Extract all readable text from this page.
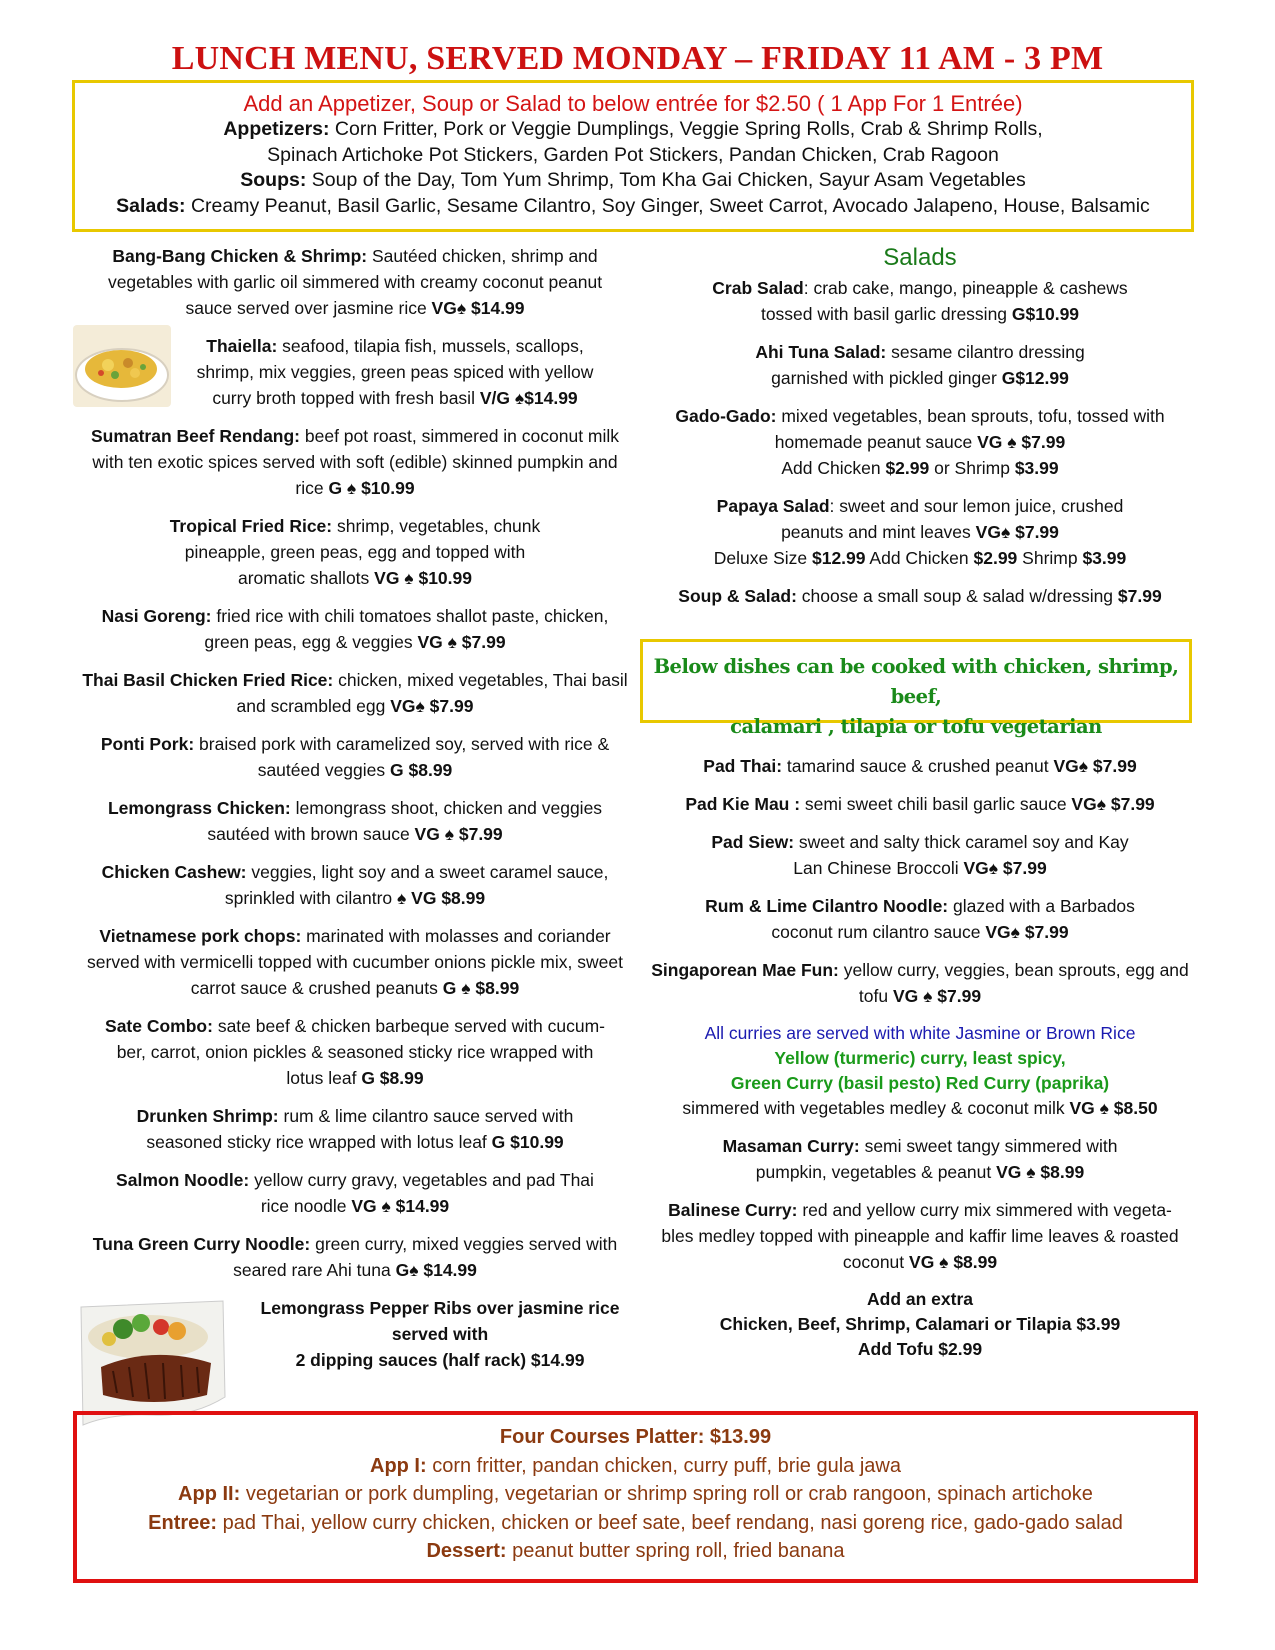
LUNCH MENU, SERVED MONDAY – FRIDAY 11 AM - 3 PM
Add an Appetizer, Soup or Salad to below entrée for $2.50 ( 1 App For 1 Entrée)
Appetizers: Corn Fritter, Pork or Veggie Dumplings, Veggie Spring Rolls, Crab & Shrimp Rolls,
Spinach Artichoke Pot Stickers, Garden Pot Stickers, Pandan Chicken, Crab Ragoon
Soups: Soup of the Day, Tom Yum Shrimp, Tom Kha Gai Chicken, Sayur Asam Vegetables
Salads: Creamy Peanut, Basil Garlic, Sesame Cilantro, Soy Ginger, Sweet Carrot, Avocado Jalapeno, House, Balsamic
Bang-Bang Chicken & Shrimp: Sautéed chicken, shrimp and vegetables with garlic oil simmered with creamy coconut peanut sauce served over jasmine rice VG♠ $14.99
Thaiella: seafood, tilapia fish, mussels, scallops, shrimp, mix veggies, green peas spiced with yellow curry broth topped with fresh basil V/G ♠$14.99
Sumatran Beef Rendang: beef pot roast, simmered in coconut milk with ten exotic spices served with soft (edible) skinned pumpkin and rice G ♠ $10.99
Tropical Fried Rice: shrimp, vegetables, chunk pineapple, green peas, egg and topped with aromatic shallots VG ♠ $10.99
Nasi Goreng: fried rice with chili tomatoes shallot paste, chicken, green peas, egg & veggies VG ♠ $7.99
Thai Basil Chicken Fried Rice: chicken, mixed vegetables, Thai basil and scrambled egg VG♠ $7.99
Ponti Pork: braised pork with caramelized soy, served with rice & sautéed veggies G $8.99
Lemongrass Chicken: lemongrass shoot, chicken and veggies sautéed with brown sauce VG ♠ $7.99
Chicken Cashew: veggies, light soy and a sweet caramel sauce, sprinkled with cilantro ♠ VG $8.99
Vietnamese pork chops: marinated with molasses and coriander served with vermicelli topped with cucumber onions pickle mix, sweet carrot sauce & crushed peanuts G ♠ $8.99
Sate Combo: sate beef & chicken barbeque served with cucum-ber, carrot, onion pickles & seasoned sticky rice wrapped with lotus leaf G $8.99
Drunken Shrimp: rum & lime cilantro sauce served with seasoned sticky rice wrapped with lotus leaf G $10.99
Salmon Noodle: yellow curry gravy, vegetables and pad Thai rice noodle VG ♠ $14.99
Tuna Green Curry Noodle: green curry, mixed veggies served with seared rare Ahi tuna G♠ $14.99
Lemongrass Pepper Ribs over jasmine rice
served with
2 dipping sauces (half rack) $14.99
Salads
Crab Salad: crab cake, mango, pineapple & cashews tossed with basil garlic dressing G$10.99
Ahi Tuna Salad: sesame cilantro dressing garnished with pickled ginger G$12.99
Gado-Gado: mixed vegetables, bean sprouts, tofu, tossed with homemade peanut sauce VG ♠ $7.99
Add Chicken $2.99 or Shrimp $3.99
Papaya Salad: sweet and sour lemon juice, crushed peanuts and mint leaves VG♠ $7.99
Deluxe Size $12.99 Add Chicken $2.99 Shrimp $3.99
Soup & Salad: choose a small soup & salad w/dressing $7.99
Below dishes can be cooked with chicken, shrimp, beef,
calamari , tilapia or tofu vegetarian
Pad Thai: tamarind sauce & crushed peanut VG♠ $7.99
Pad Kie Mau : semi sweet chili basil garlic sauce VG♠ $7.99
Pad Siew: sweet and salty thick caramel soy and Kay Lan Chinese Broccoli VG♠ $7.99
Rum & Lime Cilantro Noodle: glazed with a Barbados coconut rum cilantro sauce VG♠ $7.99
Singaporean Mae Fun: yellow curry, veggies, bean sprouts, egg and tofu VG ♠ $7.99
All curries are served with white Jasmine or Brown Rice
Yellow (turmeric) curry, least spicy,
Green Curry (basil pesto) Red Curry (paprika)
simmered with vegetables medley & coconut milk VG ♠ $8.50
Masaman Curry: semi sweet tangy simmered with pumpkin, vegetables & peanut VG ♠ $8.99
Balinese Curry: red and yellow curry mix simmered with vegeta-bles medley topped with pineapple and kaffir lime leaves & roasted coconut VG ♠ $8.99
Add an extra
Chicken, Beef, Shrimp, Calamari or Tilapia $3.99
Add Tofu $2.99
Four Courses Platter: $13.99
App I: corn fritter, pandan chicken, curry puff, brie gula jawa
App II: vegetarian or pork dumpling, vegetarian or shrimp spring roll or crab rangoon, spinach artichoke
Entree: pad Thai, yellow curry chicken, chicken or beef sate, beef rendang, nasi goreng rice, gado-gado salad
Dessert: peanut butter spring roll, fried banana
